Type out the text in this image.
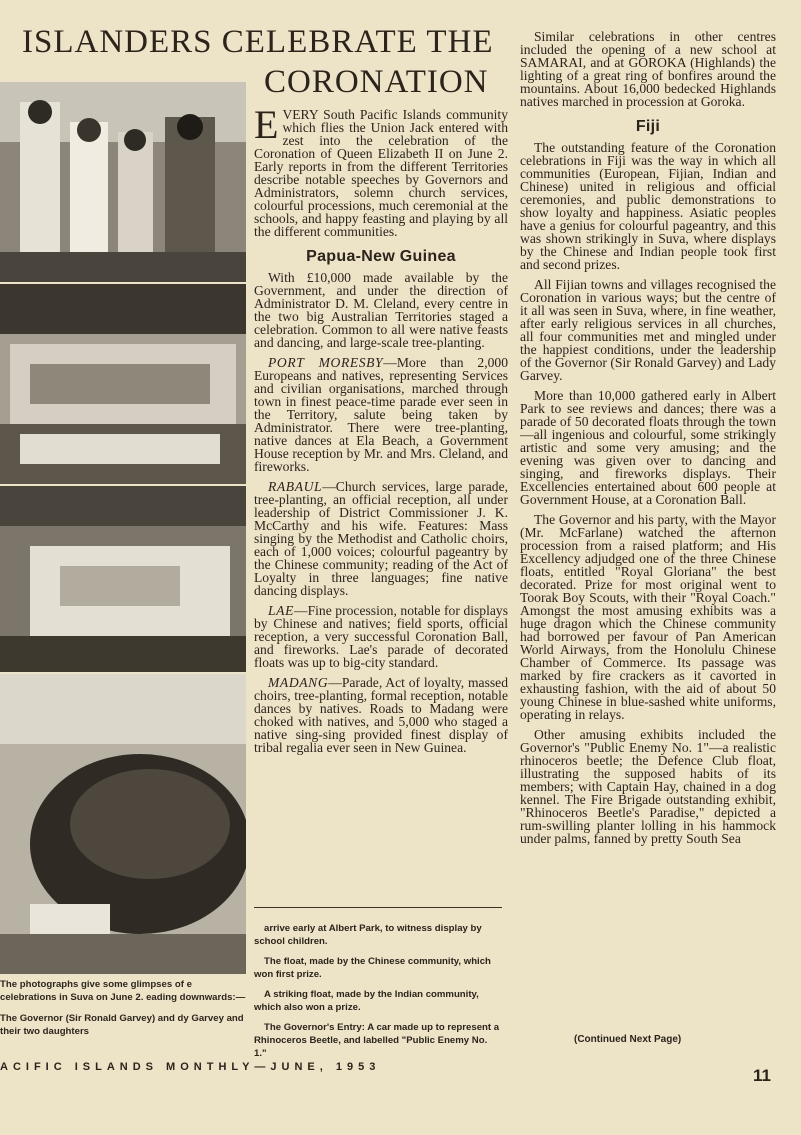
ISLANDERS CELEBRATE THE
CORONATION

The photographs give some glimpses of e celebrations in Suva on June 2. eading downwards:—

The Governor (Sir Ronald Garvey) and dy Garvey and their two daughters

EVERY South Pacific Islands community which flies the Union Jack entered with zest into the celebration of the Coronation of Queen Elizabeth II on June 2. Early reports in from the different Territories describe notable speeches by Governors and Administrators, solemn church services, colourful processions, much ceremonial at the schools, and happy feasting and playing by all the different communities.

Papua-New Guinea

With £10,000 made available by the Government, and under the direction of Administrator D. M. Cleland, every centre in the two big Australian Territories staged a celebration. Common to all were native feasts and dancing, and large-scale tree-planting.

PORT MORESBY—More than 2,000 Europeans and natives, representing Services and civilian organisations, marched through town in finest peace-time parade ever seen in the Territory, salute being taken by Administrator. There were tree-planting, native dances at Ela Beach, a Government House reception by Mr. and Mrs. Cleland, and fireworks.

RABAUL—Church services, large parade, tree-planting, an official reception, all under leadership of District Commissioner J. K. McCarthy and his wife. Features: Mass singing by the Methodist and Catholic choirs, each of 1,000 voices; colourful pageantry by the Chinese community; reading of the Act of Loyalty in three languages; fine native dancing displays.

LAE—Fine procession, notable for displays by Chinese and natives; field sports, official reception, a very successful Coronation Ball, and fireworks. Lae's parade of decorated floats was up to big-city standard.

MADANG—Parade, Act of loyalty, massed choirs, tree-planting, formal reception, notable dances by natives. Roads to Madang were choked with natives, and 5,000 who staged a native sing-sing provided finest display of tribal regalia ever seen in New Guinea.

arrive early at Albert Park, to witness display by school children.

The float, made by the Chinese community, which won first prize.

A striking float, made by the Indian community, which also won a prize.

The Governor's Entry: A car made up to represent a Rhinoceros Beetle, and labelled "Public Enemy No. 1."

Similar celebrations in other centres included the opening of a new school at SAMARAI, and at GOROKA (Highlands) the lighting of a great ring of bonfires around the mountains. About 16,000 bedecked Highlands natives marched in procession at Goroka.

Fiji

The outstanding feature of the Coronation celebrations in Fiji was the way in which all communities (European, Fijian, Indian and Chinese) united in religious and official ceremonies, and public demonstrations to show loyalty and happiness. Asiatic peoples have a genius for colourful pageantry, and this was shown strikingly in Suva, where displays by the Chinese and Indian people took first and second prizes.

All Fijian towns and villages recognised the Coronation in various ways; but the centre of it all was seen in Suva, where, in fine weather, after early religious services in all churches, all four communities met and mingled under the happiest conditions, under the leadership of the Governor (Sir Ronald Garvey) and Lady Garvey.

More than 10,000 gathered early in Albert Park to see reviews and dances; there was a parade of 50 decorated floats through the town—all ingenious and colourful, some strikingly artistic and some very amusing; and the evening was given over to dancing and singing, and fireworks displays. Their Excellencies entertained about 600 people at Government House, at a Coronation Ball.

The Governor and his party, with the Mayor (Mr. McFarlane) watched the afternon procession from a raised platform; and His Excellency adjudged one of the three Chinese floats, entitled "Royal Gloriana" the best decorated. Prize for most original went to Toorak Boy Scouts, with their "Royal Coach." Amongst the most amusing exhibits was a huge dragon which the Chinese community had borrowed per favour of Pan American World Airways, from the Honolulu Chinese Chamber of Commerce. Its passage was marked by fire crackers as it cavorted in exhausting fashion, with the aid of about 50 young Chinese in blue-sashed white uniforms, operating in relays.

Other amusing exhibits included the Governor's "Public Enemy No. 1"—a realistic rhinoceros beetle; the Defence Club float, illustrating the supposed habits of its members; with Captain Hay, chained in a dog kennel. The Fire Brigade outstanding exhibit, "Rhinoceros Beetle's Paradise," depicted a rum-swilling planter lolling in his hammock under palms, fanned by pretty South Sea

(Continued Next Page)
ACIFIC ISLANDS MONTHLY—JUNE, 1953	11
